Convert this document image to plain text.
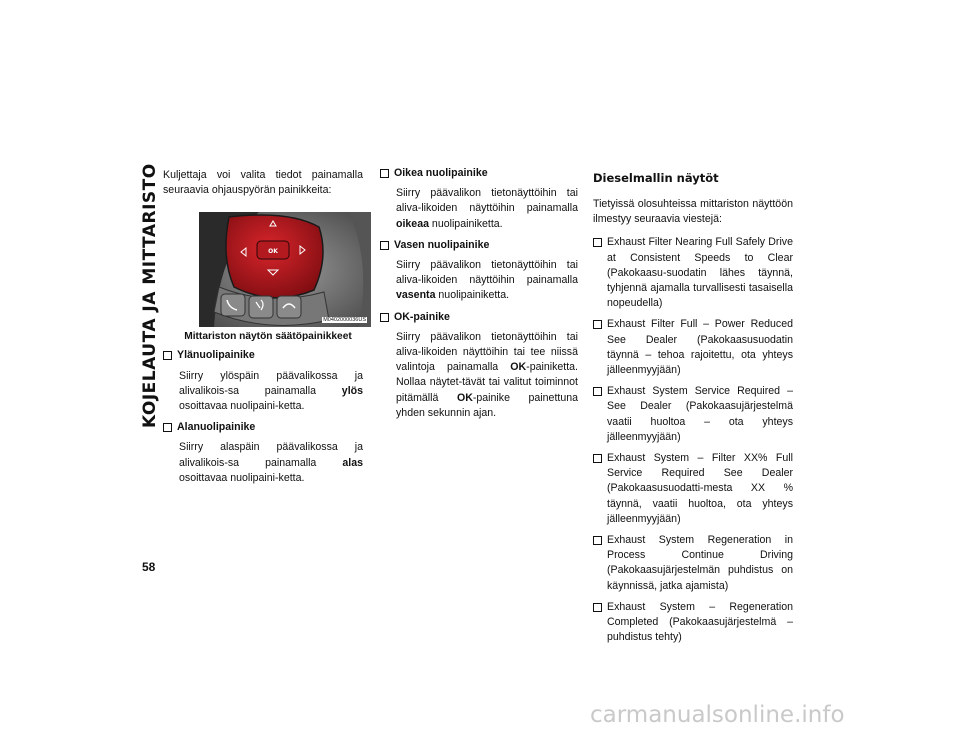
KOJELAUTA JA MITTARISTO
58

Kuljettaja voi valita tiedot painamalla seuraavia ohjauspyörän painikkeita:

OK
M0402000036US
Mittariston näytön säätöpainikkeet
Ylänuolipainike

Siirry ylöspäin päävalikossa ja alivalikois-sa painamalla ylös osoittavaa nuolipaini-ketta.

Alanuolipainike

Siirry alaspäin päävalikossa ja alivalikois-sa painamalla alas osoittavaa nuolipaini-ketta.

Oikea nuolipainike

Siirry päävalikon tietonäyttöihin tai aliva-likoiden näyttöihin painamalla oikeaa nuolipainiketta.

Vasen nuolipainike

Siirry päävalikon tietonäyttöihin tai aliva-likoiden näyttöihin painamalla vasenta nuolipainiketta.

OK-painike

Siirry päävalikon tietonäyttöihin tai aliva-likoiden näyttöihin tai tee niissä valintoja painamalla OK-painiketta. Nollaa näytet-tävät tai valitut toiminnot pitämällä OK-painike painettuna yhden sekunnin ajan.

Dieselmallin näytöt

Tietyissä olosuhteissa mittariston näyttöön ilmestyy seuraavia viestejä:

Exhaust Filter Nearing Full Safely Drive at Consistent Speeds to Clear (Pakokaasu-suodatin lähes täynnä, tyhjennä ajamalla turvallisesti tasaisella nopeudella)
Exhaust Filter Full – Power Reduced See Dealer (Pakokaasusuodatin täynnä – tehoa rajoitettu, ota yhteys jälleenmyyjään)
Exhaust System Service Required – See Dealer (Pakokaasujärjestelmä vaatii huoltoa – ota yhteys jälleenmyyjään)
Exhaust System – Filter XX% Full Service Required See Dealer (Pakokaasusuodatti-mesta XX % täynnä, vaatii huoltoa, ota yhteys jälleenmyyjään)
Exhaust System Regeneration in Process Continue Driving (Pakokaasujärjestelmän puhdistus on käynnissä, jatka ajamista)
Exhaust System – Regeneration Completed (Pakokaasujärjestelmä – puhdistus tehty)
carmanualsonline.info
